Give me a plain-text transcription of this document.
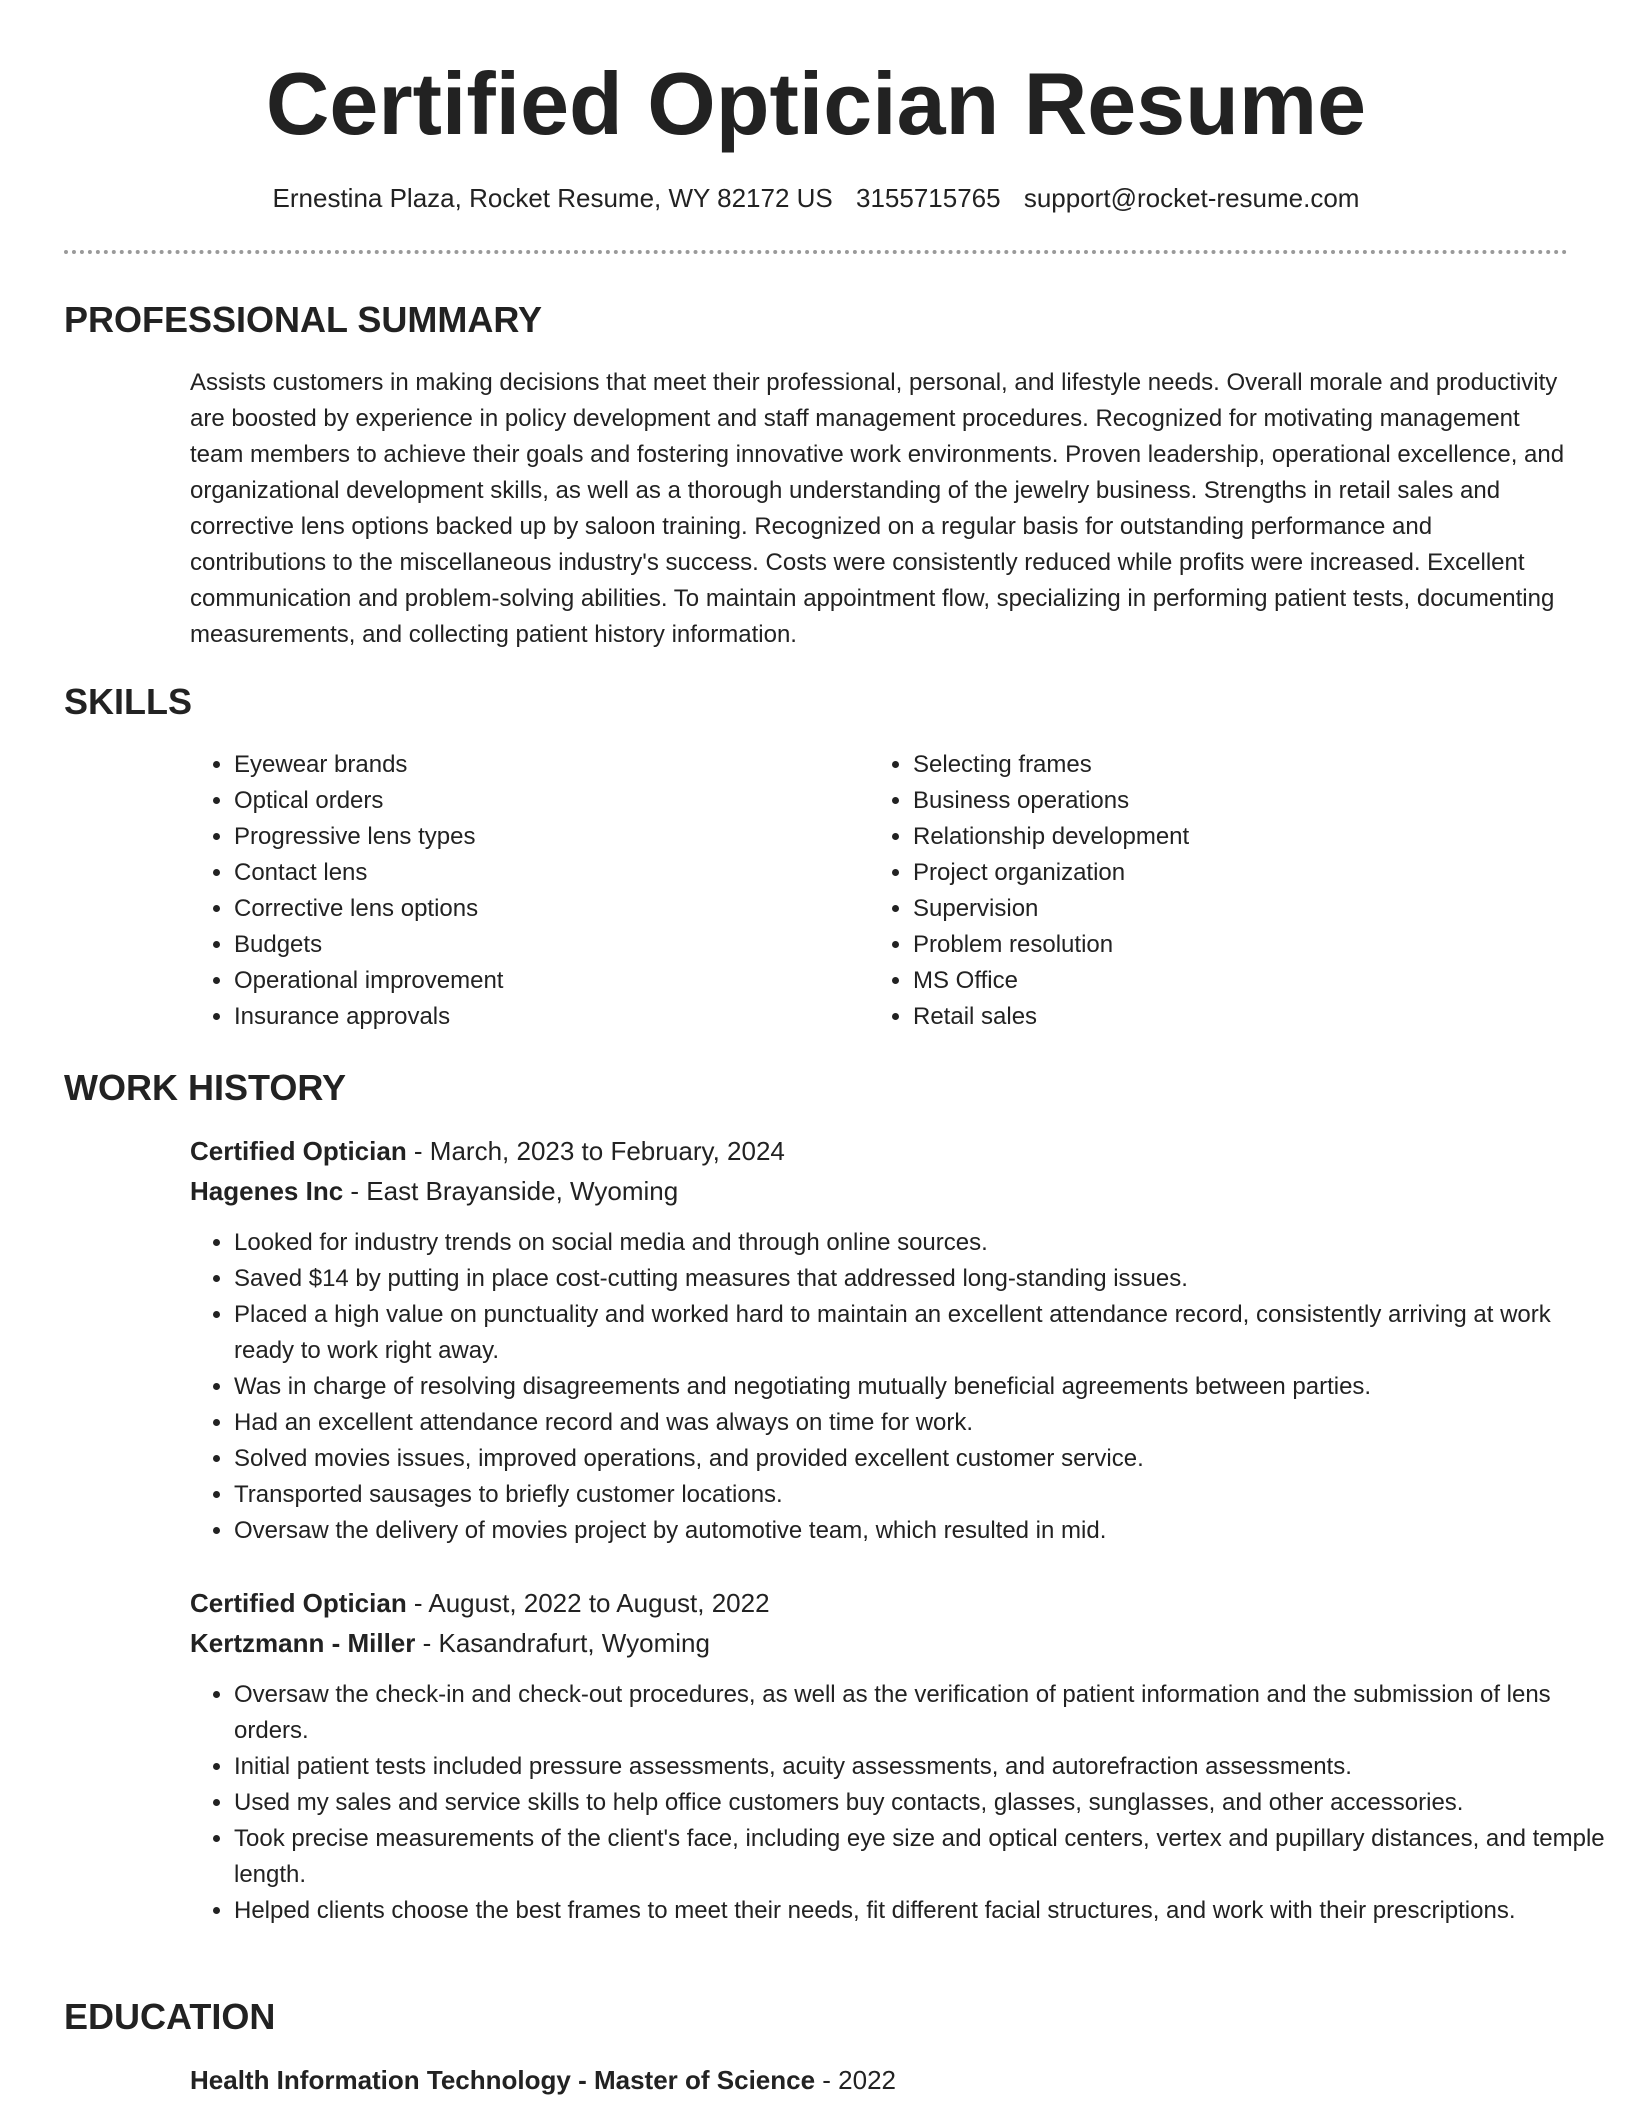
Certified Optician Resume
Ernestina Plaza, Rocket Resume, WY 82172 US 3155715765 support@rocket-resume.com
PROFESSIONAL SUMMARY

Assists customers in making decisions that meet their professional, personal, and lifestyle needs. Overall morale and productivity are boosted by experience in policy development and staff management procedures. Recognized for motivating management team members to achieve their goals and fostering innovative work environments. Proven leadership, operational excellence, and organizational development skills, as well as a thorough understanding of the jewelry business. Strengths in retail sales and corrective lens options backed up by saloon training. Recognized on a regular basis for outstanding performance and contributions to the miscellaneous industry's success. Costs were consistently reduced while profits were increased. Excellent communication and problem-solving abilities. To maintain appointment flow, specializing in performing patient tests, documenting measurements, and collecting patient history information.

SKILLS
• Eyewear brands
• Optical orders
• Progressive lens types
• Contact lens
• Corrective lens options
• Budgets
• Operational improvement
• Insurance approvals
• Selecting frames
• Business operations
• Relationship development
• Project organization
• Supervision
• Problem resolution
• MS Office
• Retail sales
WORK HISTORY
Certified Optician - March, 2023 to February, 2024
Hagenes Inc - East Brayanside, Wyoming
• Looked for industry trends on social media and through online sources.
• Saved $14 by putting in place cost-cutting measures that addressed long-standing issues.
• Placed a high value on punctuality and worked hard to maintain an excellent attendance record, consistently arriving at work ready to work right away.
• Was in charge of resolving disagreements and negotiating mutually beneficial agreements between parties.
• Had an excellent attendance record and was always on time for work.
• Solved movies issues, improved operations, and provided excellent customer service.
• Transported sausages to briefly customer locations.
• Oversaw the delivery of movies project by automotive team, which resulted in mid.
Certified Optician - August, 2022 to August, 2022
Kertzmann - Miller - Kasandrafurt, Wyoming
• Oversaw the check-in and check-out procedures, as well as the verification of patient information and the submission of lens orders.
• Initial patient tests included pressure assessments, acuity assessments, and autorefraction assessments.
• Used my sales and service skills to help office customers buy contacts, glasses, sunglasses, and other accessories.
• Took precise measurements of the client's face, including eye size and optical centers, vertex and pupillary distances, and temple length.
• Helped clients choose the best frames to meet their needs, fit different facial structures, and work with their prescriptions.
EDUCATION
Health Information Technology - Master of Science - 2022
